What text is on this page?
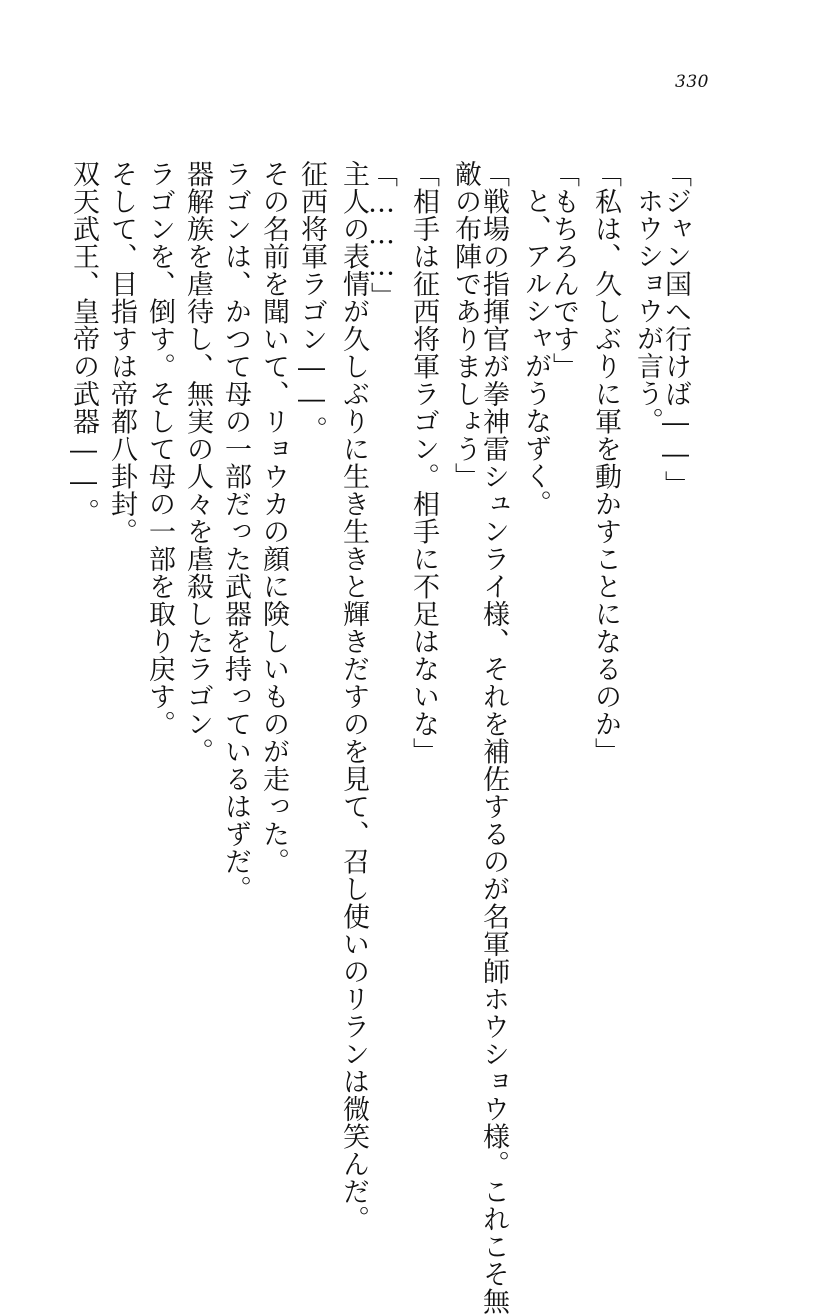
330
「ジャン国へ行けば――」
ホウショウが言う。
「私は、久しぶりに軍を動かすことになるのか」
「もちろんです」
と、アルシャがうなずく。
「戦場の指揮官が拳神雷シュンライ様、それを補佐するのが名軍師ホウショウ様。これこそ無
敵の布陣でありましょう」
「相手は征西将軍ラゴン。相手に不足はないな」
「………」
主人の表情が久しぶりに生き生きと輝きだすのを見て、召し使いのリランは微笑んだ。
征西将軍ラゴン――。
その名前を聞いて、リョウカの顔に険しいものが走った。
ラゴンは、かつて母の一部だった武器を持っているはずだ。
器解族を虐待し、無実の人々を虐殺したラゴン。
ラゴンを、倒す。そして母の一部を取り戻す。
そして、目指すは帝都八卦封。
双天武王、皇帝の武器――。
